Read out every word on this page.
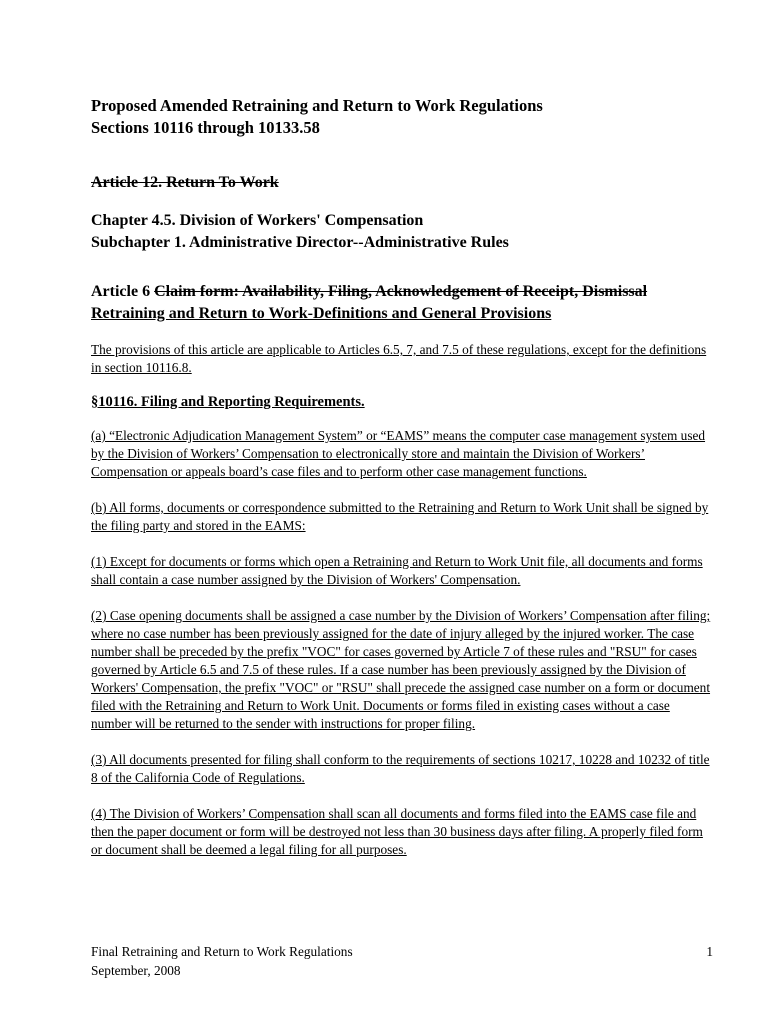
Proposed Amended Retraining and Return to Work Regulations

Sections 10116 through 10133.58

Article 12. Return To Work

Chapter 4.5. Division of Workers' Compensation

Subchapter 1. Administrative Director--Administrative Rules

Article 6 Claim form: Availability, Filing, Acknowledgement of Receipt, Dismissal

Retraining and Return to Work-Definitions and General Provisions

The provisions of this article are applicable to Articles 6.5, 7, and 7.5 of these regulations, except for the definitions in section 10116.8.

§10116. Filing and Reporting Requirements.

(a) “Electronic Adjudication Management System” or “EAMS” means the computer case management system used by the Division of Workers’ Compensation to electronically store and maintain the Division of Workers’ Compensation or appeals board’s case files and to perform other case management functions.

(b) All forms, documents or correspondence submitted to the Retraining and Return to Work Unit shall be signed by the filing party and stored in the EAMS:

(1) Except for documents or forms which open a Retraining and Return to Work Unit file, all documents and forms shall contain a case number assigned by the Division of Workers' Compensation.

(2) Case opening documents shall be assigned a case number by the Division of Workers’ Compensation after filing; where no case number has been previously assigned for the date of injury alleged by the injured worker. The case number shall be preceded by the prefix "VOC" for cases governed by Article 7 of these rules and "RSU" for cases governed by Article 6.5 and 7.5 of these rules. If a case number has been previously assigned by the Division of Workers' Compensation, the prefix "VOC" or "RSU" shall precede the assigned case number on a form or document filed with the Retraining and Return to Work Unit. Documents or forms filed in existing cases without a case number will be returned to the sender with instructions for proper filing.

(3) All documents presented for filing shall conform to the requirements of sections 10217, 10228 and 10232 of title 8 of the California Code of Regulations.

(4) The Division of Workers’ Compensation shall scan all documents and forms filed into the EAMS case file and then the paper document or form will be destroyed not less than 30 business days after filing. A properly filed form or document shall be deemed a legal filing for all purposes.

Final Retraining and Return to Work Regulations
September, 2008
1
